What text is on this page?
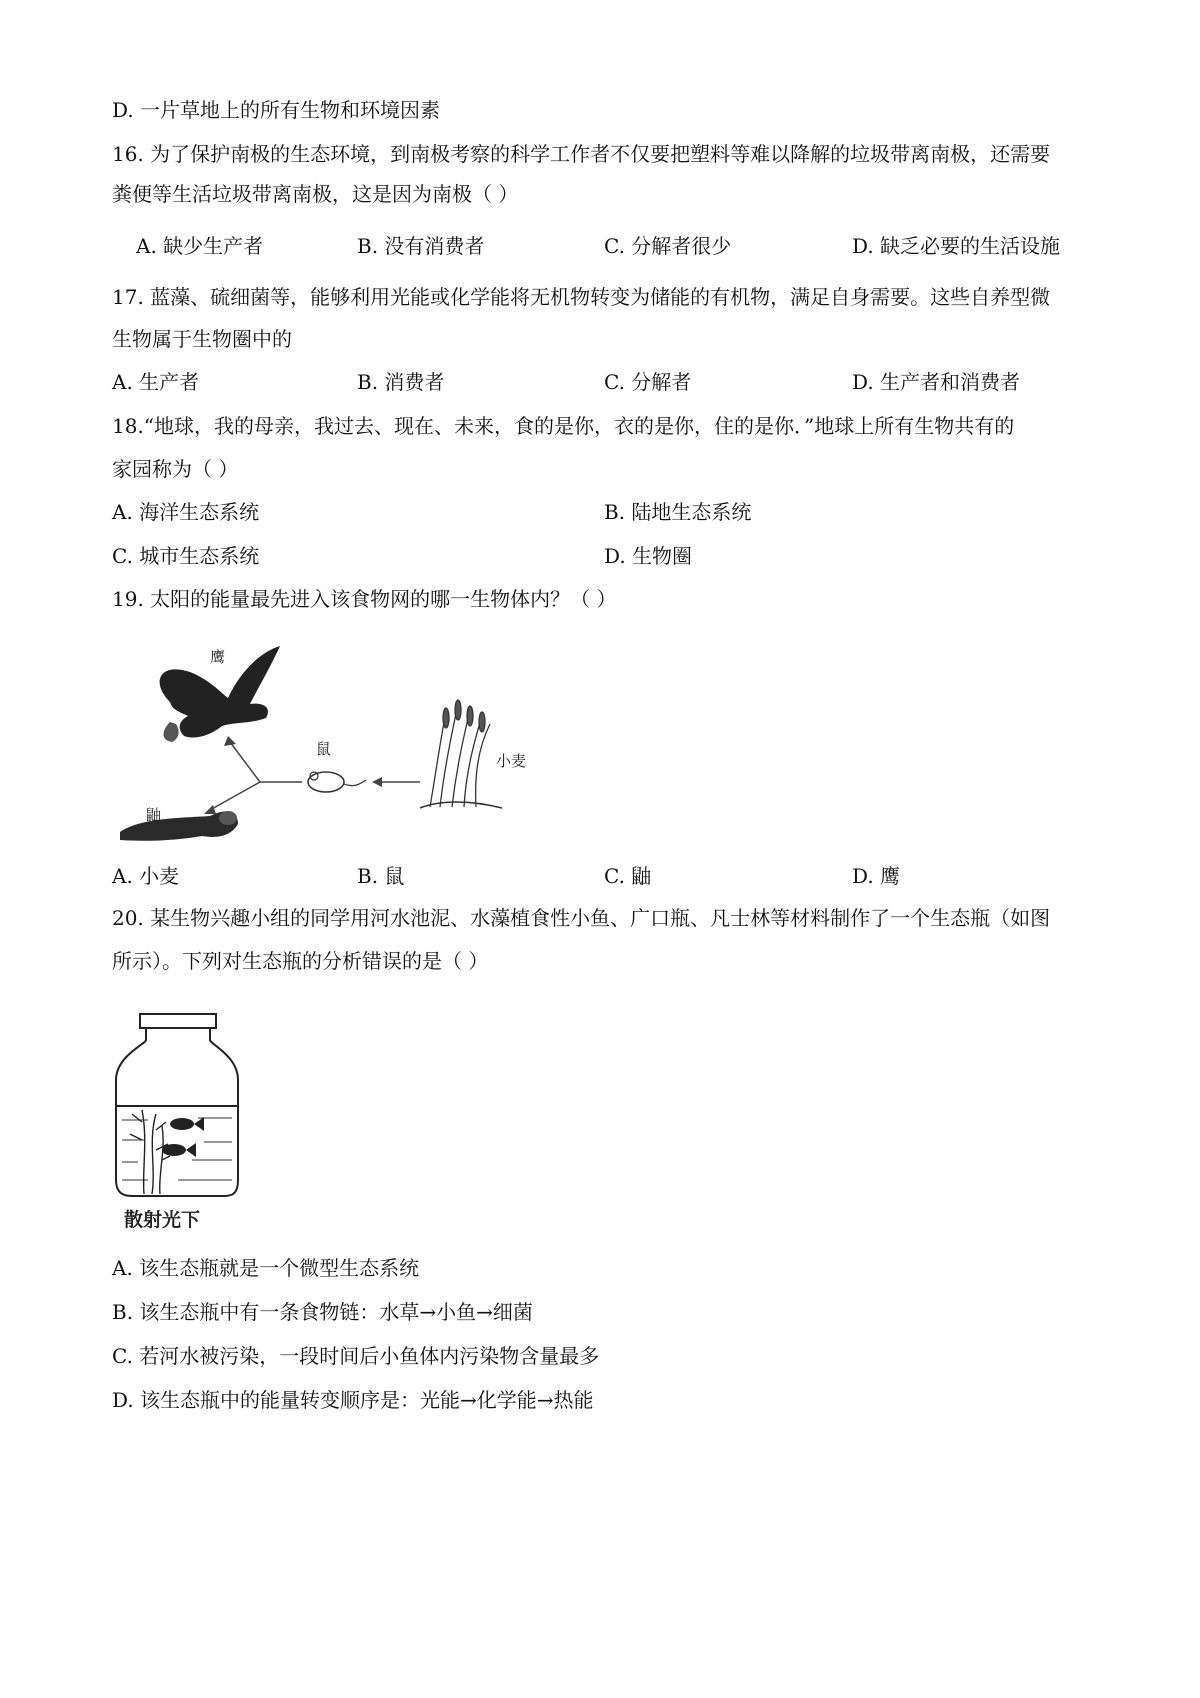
D. 一片草地上的所有生物和环境因素
16. 为了保护南极的生态环境，到南极考察的科学工作者不仅要把塑料等难以降解的垃圾带离南极，还需要
粪便等生活垃圾带离南极，这是因为南极（ ）
A. 缺少生产者	B. 没有消费者	C. 分解者很少	D. 缺乏必要的生活设施
17. 蓝藻、硫细菌等，能够利用光能或化学能将无机物转变为储能的有机物，满足自身需要。这些自养型微
生物属于生物圈中的
A. 生产者	B. 消费者	C. 分解者	D. 生产者和消费者
18.“地球，我的母亲，我过去、现在、未来，食的是你，衣的是你，住的是你．”地球上所有生物共有的
家园称为（ ）
A. 海洋生态系统	B. 陆地生态系统
C. 城市生态系统	D. 生物圈
19. 太阳的能量最先进入该食物网的哪一生物体内？（ ）
鹰
鼠
小麦
鼬
A. 小麦	B. 鼠	C. 鼬	D. 鹰
20. 某生物兴趣小组的同学用河水池泥、水藻植食性小鱼、广口瓶、凡士林等材料制作了一个生态瓶（如图
所示）。下列对生态瓶的分析错误的是（ ）
散射光下
A. 该生态瓶就是一个微型生态系统
B. 该生态瓶中有一条食物链：水草→小鱼→细菌
C. 若河水被污染，一段时间后小鱼体内污染物含量最多
D. 该生态瓶中的能量转变顺序是：光能→化学能→热能
